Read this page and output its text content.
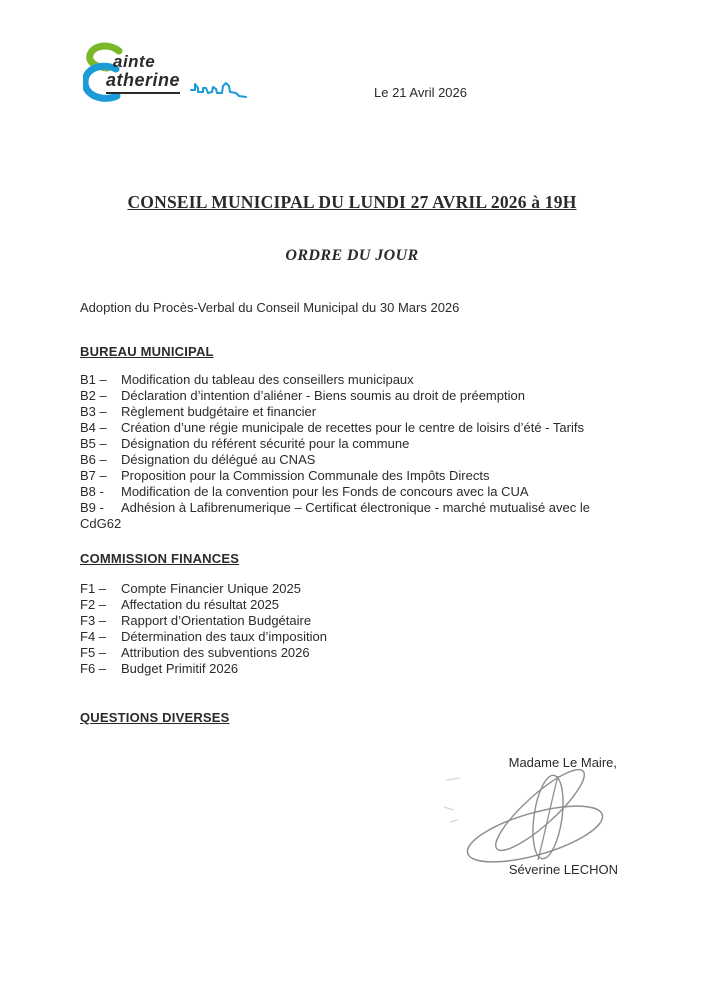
ainte
atherine
Le 21 Avril 2026
CONSEIL MUNICIPAL DU LUNDI 27 AVRIL 2026 à 19H
ORDRE DU JOUR
Adoption du Procès-Verbal du Conseil Municipal du 30 Mars 2026
BUREAU MUNICIPAL
B1 –	Modification du tableau des conseillers municipaux
B2 –	Déclaration d’intention d’aliéner - Biens soumis au droit de préemption
B3 –	Règlement budgétaire et financier
B4 –	Création d’une régie municipale de recettes pour le centre de loisirs d’été - Tarifs
B5 –	Désignation du référent sécurité pour la commune
B6 –	Désignation du délégué au CNAS
B7 –	Proposition pour la Commission Communale des Impôts Directs
B8 -	Modification de la convention pour les Fonds de concours avec la CUA
B9 -	Adhésion à Lafibrenumerique – Certificat électronique - marché mutualisé avec le
CdG62
COMMISSION FINANCES
F1 –	Compte Financier Unique 2025
F2 –	Affectation du résultat 2025
F3 –	Rapport d’Orientation Budgétaire
F4 –	Détermination des taux d’imposition
F5 –	Attribution des subventions 2026
F6 –	Budget Primitif 2026
QUESTIONS DIVERSES
Madame Le Maire,
Séverine LECHON
